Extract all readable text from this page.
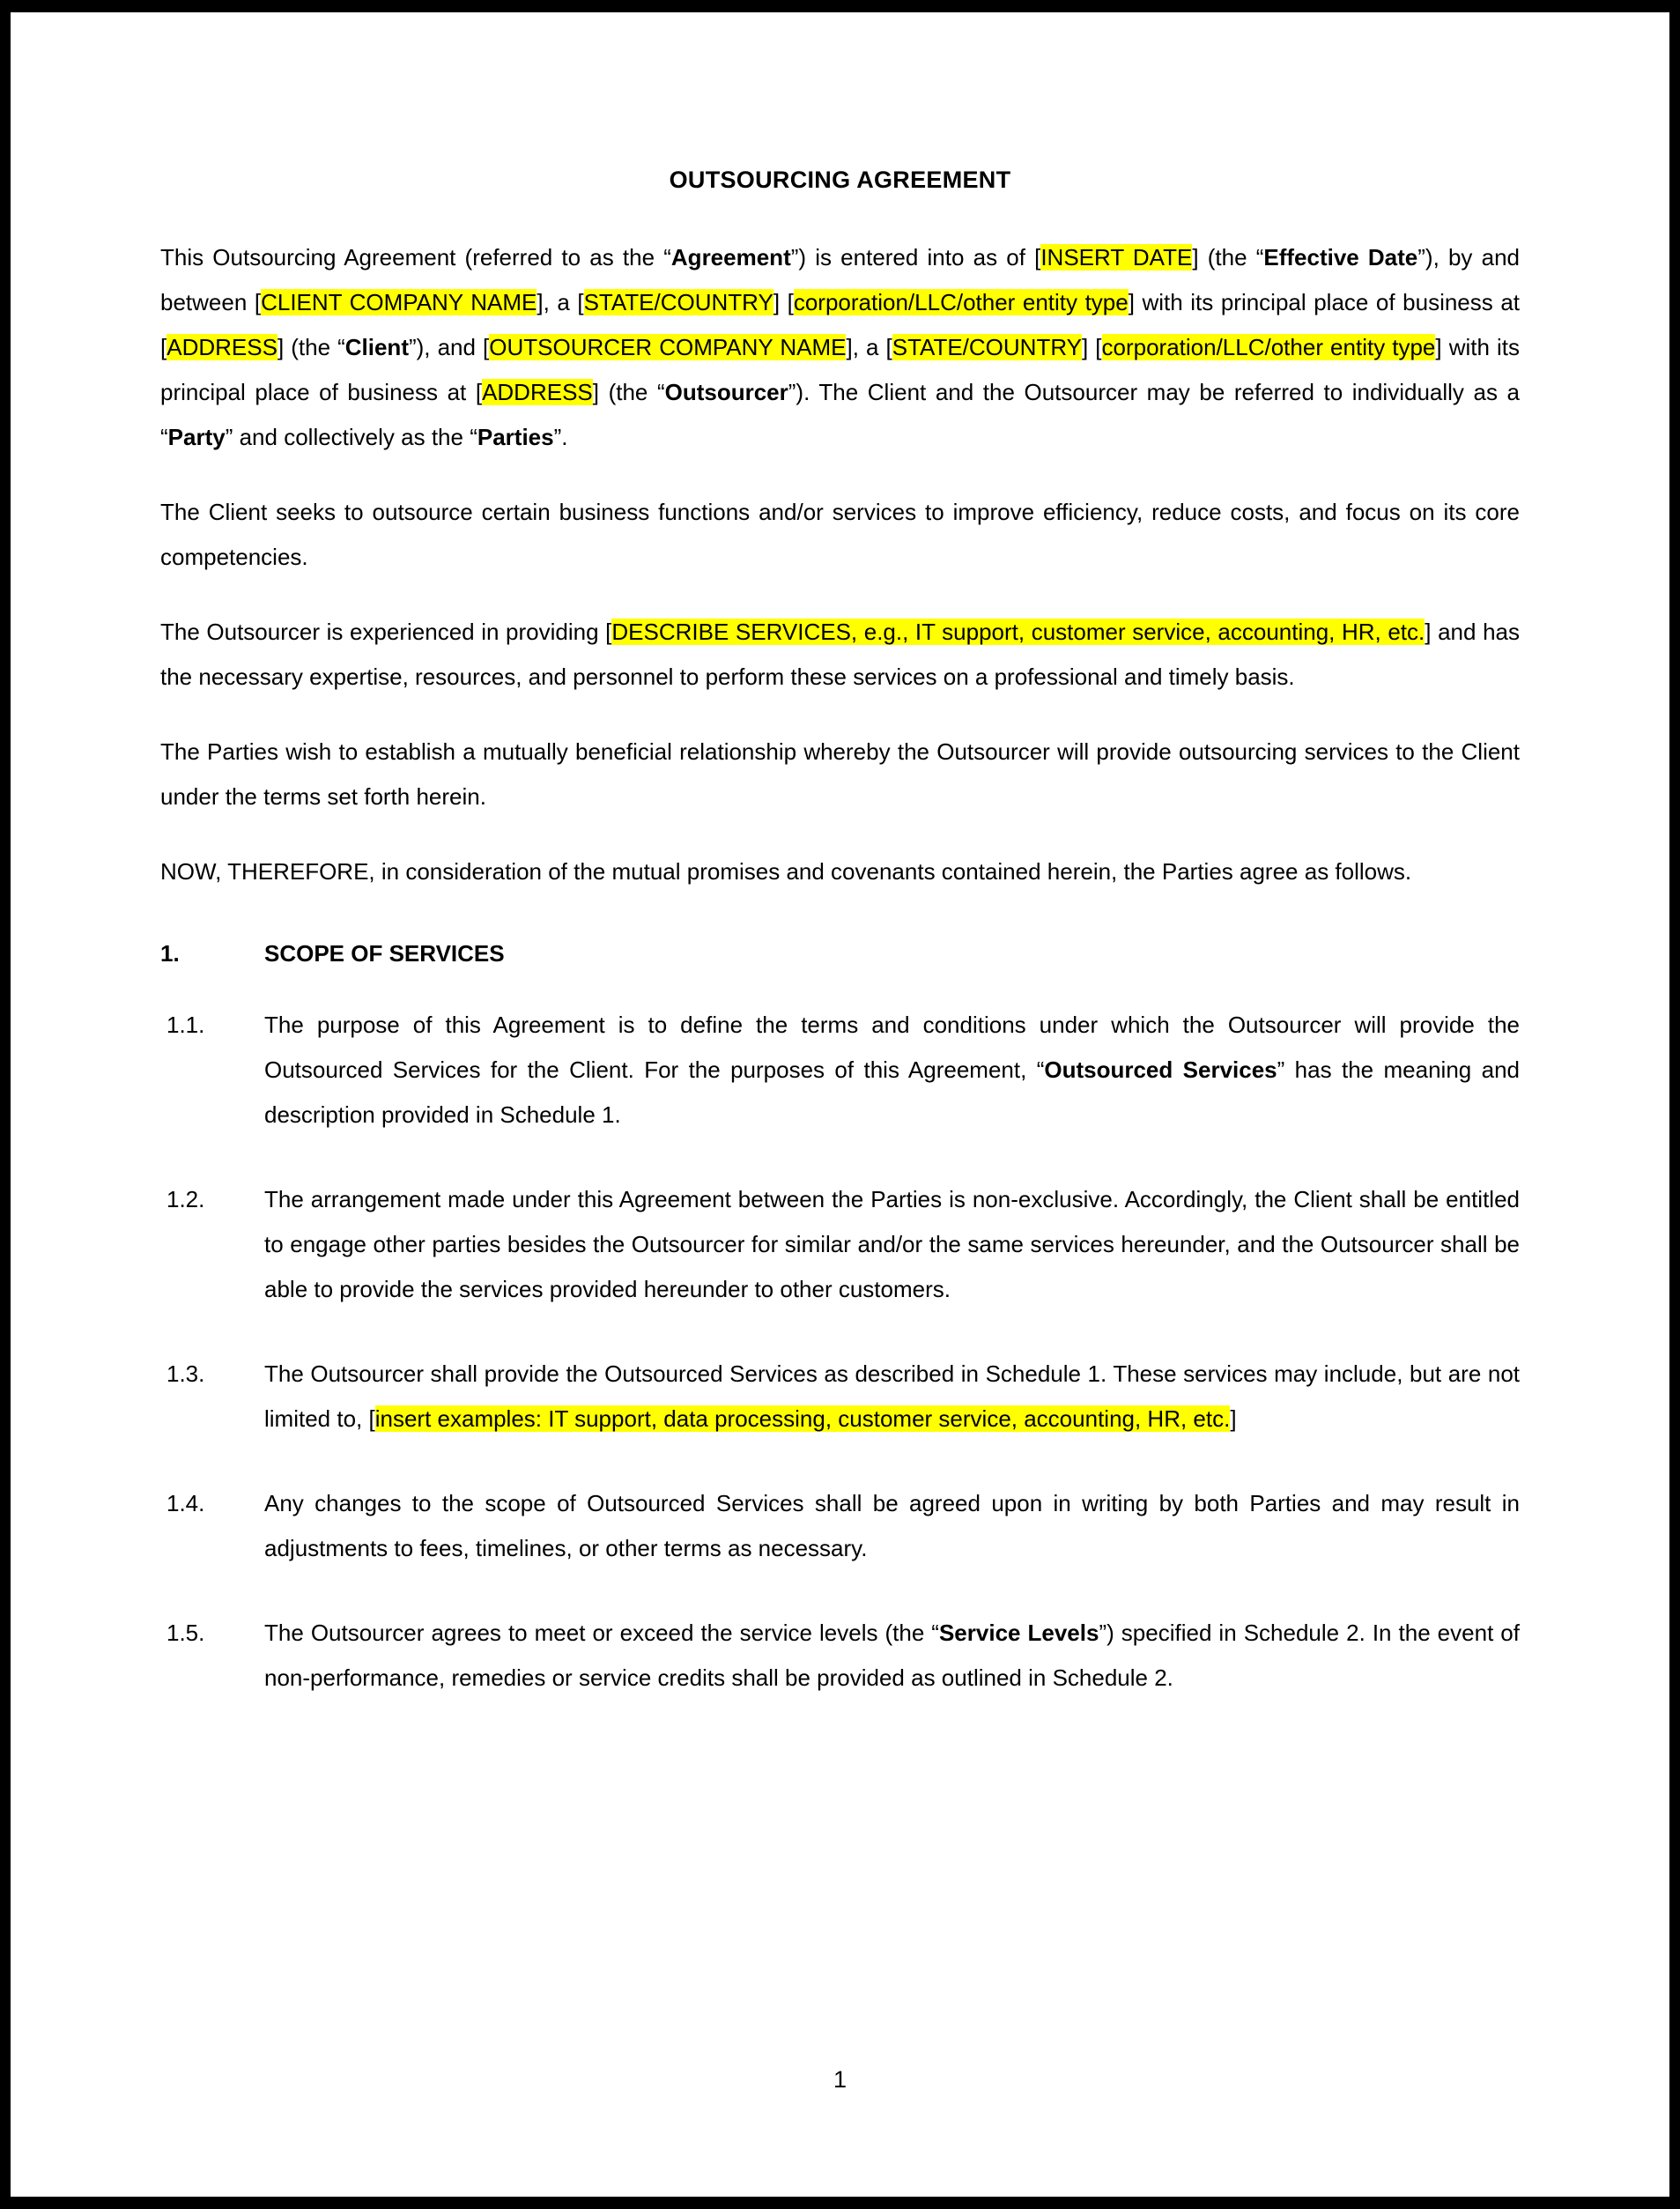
OUTSOURCING AGREEMENT

This Outsourcing Agreement (referred to as the “Agreement”) is entered into as of [INSERT DATE] (the “Effective Date”), by and between [CLIENT COMPANY NAME], a [STATE/COUNTRY] [corporation/LLC/other entity type] with its principal place of business at [ADDRESS] (the “Client”), and [OUTSOURCER COMPANY NAME], a [STATE/COUNTRY] [corporation/LLC/other entity type] with its principal place of business at [ADDRESS] (the “Outsourcer”). The Client and the Outsourcer may be referred to individually as a “Party” and collectively as the “Parties”.

The Client seeks to outsource certain business functions and/or services to improve efficiency, reduce costs, and focus on its core competencies.

The Outsourcer is experienced in providing [DESCRIBE SERVICES, e.g., IT support, customer service, accounting, HR, etc.] and has the necessary expertise, resources, and personnel to perform these services on a professional and timely basis.

The Parties wish to establish a mutually beneficial relationship whereby the Outsourcer will provide outsourcing services to the Client under the terms set forth herein.

NOW, THEREFORE, in consideration of the mutual promises and covenants contained herein, the Parties agree as follows.

1.	SCOPE OF SERVICES
1.1.	The purpose of this Agreement is to define the terms and conditions under which the Outsourcer will provide the Outsourced Services for the Client. For the purposes of this Agreement, “Outsourced Services” has the meaning and description provided in Schedule 1.
1.2.	The arrangement made under this Agreement between the Parties is non-exclusive. Accordingly, the Client shall be entitled to engage other parties besides the Outsourcer for similar and/or the same services hereunder, and the Outsourcer shall be able to provide the services provided hereunder to other customers.
1.3.	The Outsourcer shall provide the Outsourced Services as described in Schedule 1. These services may include, but are not limited to, [insert examples: IT support, data processing, customer service, accounting, HR, etc.]
1.4.	Any changes to the scope of Outsourced Services shall be agreed upon in writing by both Parties and may result in adjustments to fees, timelines, or other terms as necessary.
1.5.	The Outsourcer agrees to meet or exceed the service levels (the “Service Levels”) specified in Schedule 2. In the event of non-performance, remedies or service credits shall be provided as outlined in Schedule 2.
1
